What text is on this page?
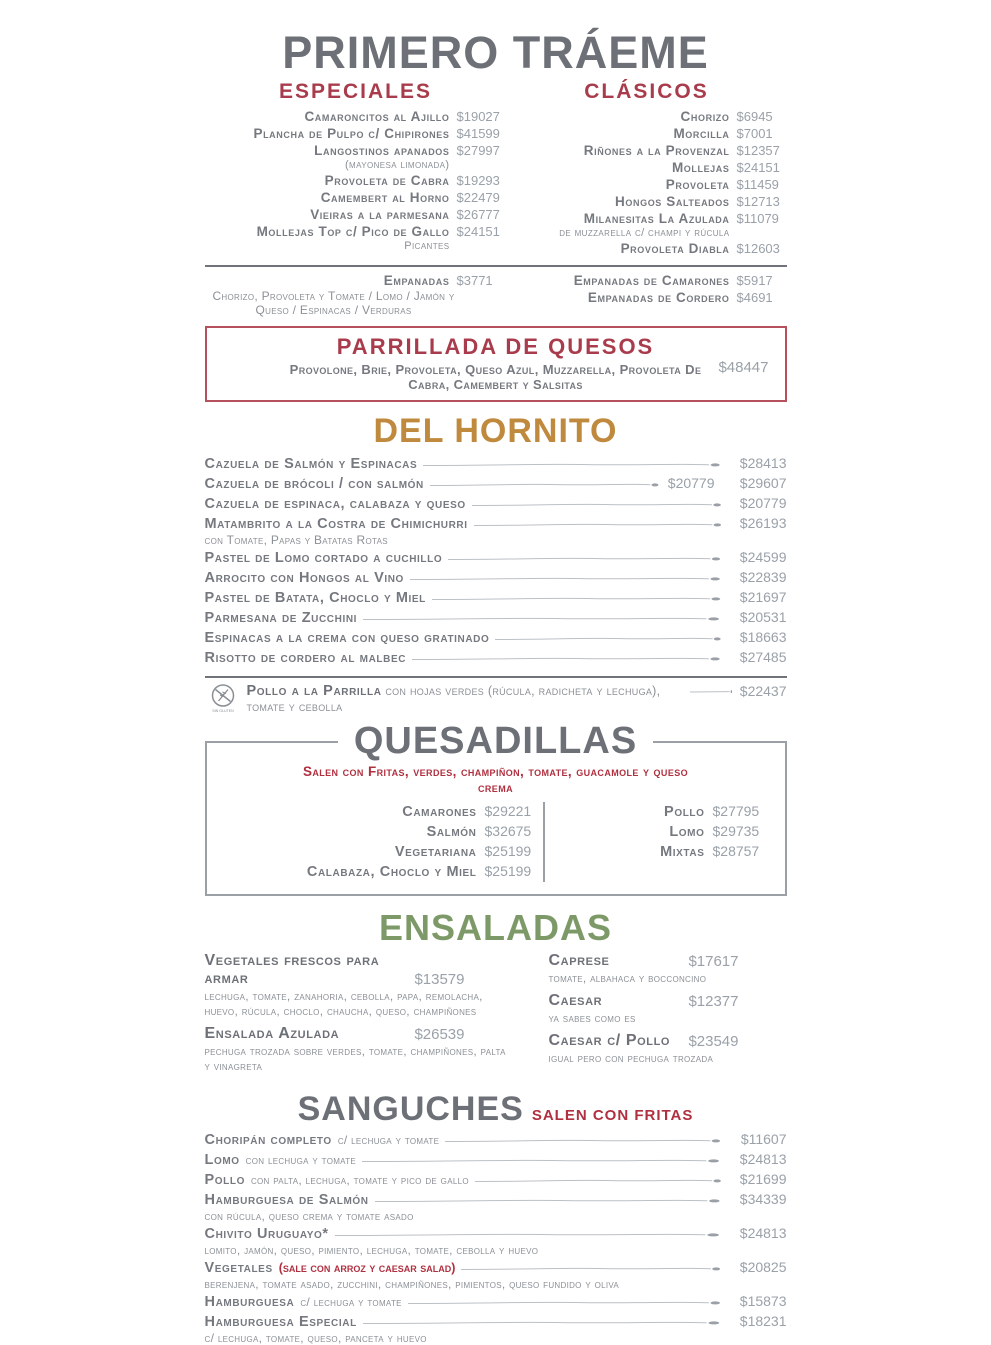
PRIMERO TRÁEME
ESPECIALES	CLÁSICOS
Camaroncitos al Ajillo $19027
Plancha de Pulpo c/ Chipirones $41599
Langostinos apanados $27997
(mayonesa limonada)
Provoleta de Cabra $19293
Camembert al Horno $22479
Vieiras a la parmesana $26777
Mollejas Top c/ Pico de Gallo $24151
Picantes
Chorizo $6945
Morcilla $7001
Riñones a la Provenzal $12357
Mollejas $24151
Provoleta $11459
Hongos Salteados $12713
Milanesitas La Azulada $11079
de muzzarella c/ champi y rúcula
Provoleta Diabla $12603
Empanadas $3771
Chorizo, Provoleta y Tomate / Lomo / Jamón y Queso / Espinacas / Verduras
Empanadas de Camarones $5917
Empanadas de Cordero $4691
PARRILLADA DE QUESOS
Provolone, Brie, Provoleta, Queso Azul, Muzzarella, Provoleta De Cabra, Camembert y Salsitas
$48447
DEL HORNITO
Cazuela de Salmón y Espinacas	$28413
Cazuela de brócoli / con salmón	$20779	$29607
Cazuela de espinaca, calabaza y queso	$20779
Matambrito a la Costra de Chimichurri	$26193
con Tomate, Papas y Batatas Rotas
Pastel de Lomo cortado a cuchillo	$24599
Arrocito con Hongos al Vino	$22839
Pastel de Batata, Choclo y Miel	$21697
Parmesana de Zucchini	$20531
Espinacas a la crema con queso gratinado	$18663
Risotto de cordero al malbec	$27485
SIN GLUTEN
Pollo a la Parrilla con hojas verdes (rúcula, radicheta y lechuga), tomate y cebolla
$22437
QUESADILLAS
Salen con Fritas, verdes, champiñon, tomate, guacamole y queso crema
Camarones $29221
Salmón $32675
Vegetariana $25199
Calabaza, Choclo y Miel $25199
Pollo $27795
Lomo $29735
Mixtas $28757
ENSALADAS
Vegetales frescos para armar	$13579
lechuga, tomate, zanahoria, cebolla, papa, remolacha, huevo, rúcula, choclo, chaucha, queso, champiñones
Ensalada Azulada	$26539
pechuga trozada sobre verdes, tomate, champiñones, palta y vinagreta
Caprese	$17617
tomate, albahaca y bocconcino
Caesar	$12377
ya sabes como es
Caesar c/ Pollo $23549
igual pero con pechuga trozada
SANGUCHES SALEN CON FRITAS
Choripán completo c/ lechuga y tomate	$11607
Lomo con lechuga y tomate	$24813
Pollo con palta, lechuga, tomate y pico de gallo	$21699
Hamburguesa de Salmón	$34339
con rúcula, queso crema y tomate asado
Chivito Uruguayo*	$24813
lomito, jamón, queso, pimiento, lechuga, tomate, cebolla y huevo
Vegetales (sale con arroz y caesar salad)	$20825
berenjena, tomate asado, zucchini, champiñones, pimientos, queso fundido y oliva
Hamburguesa c/ lechuga y tomate	$15873
Hamburguesa Especial	$18231
c/ lechuga, tomate, queso, panceta y huevo
